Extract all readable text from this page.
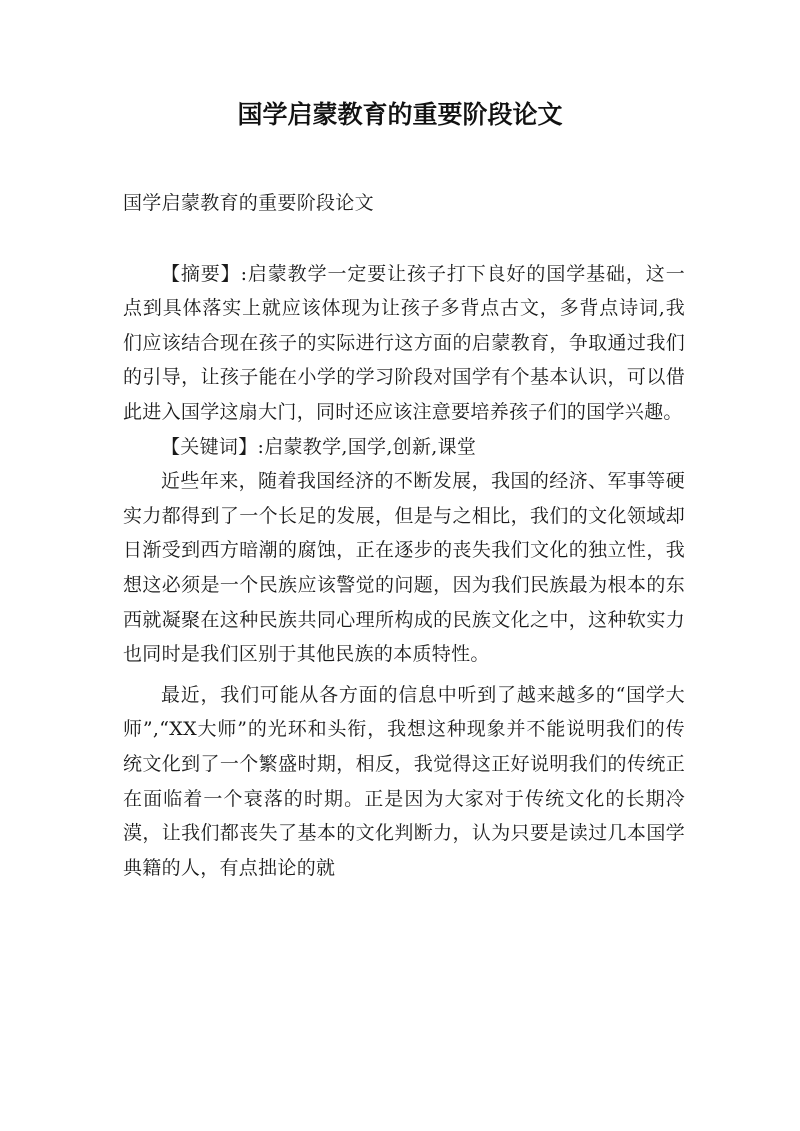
国学启蒙教育的重要阶段论文

国学启蒙教育的重要阶段论文

【摘要】:启蒙教学一定要让孩子打下良好的国学基础，这一点到具体落实上就应该体现为让孩子多背点古文，多背点诗词,我们应该结合现在孩子的实际进行这方面的启蒙教育，争取通过我们的引导，让孩子能在小学的学习阶段对国学有个基本认识，可以借此进入国学这扇大门，同时还应该注意要培养孩子们的国学兴趣。

【关键词】:启蒙教学,国学,创新,课堂

近些年来，随着我国经济的不断发展，我国的经济、军事等硬实力都得到了一个长足的发展，但是与之相比，我们的文化领域却日渐受到西方暗潮的腐蚀，正在逐步的丧失我们文化的独立性，我想这必须是一个民族应该警觉的问题，因为我们民族最为根本的东西就凝聚在这种民族共同心理所构成的民族文化之中，这种软实力也同时是我们区别于其他民族的本质特性。

最近，我们可能从各方面的信息中听到了越来越多的“国学大师”,“XX大师”的光环和头衔，我想这种现象并不能说明我们的传统文化到了一个繁盛时期，相反，我觉得这正好说明我们的传统正在面临着一个衰落的时期。正是因为大家对于传统文化的长期冷漠，让我们都丧失了基本的文化判断力，认为只要是读过几本国学典籍的人，有点拙论的就
